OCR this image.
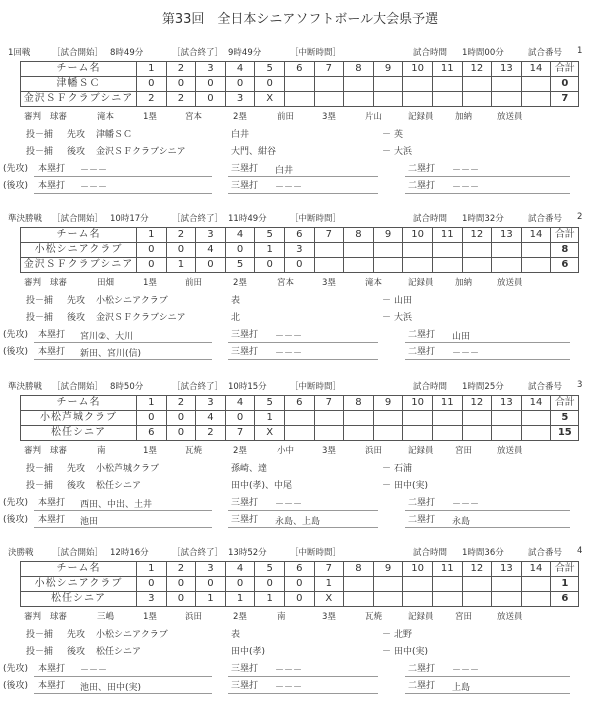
第33回　全日本シニアソフトボール大会県予選
1回戦	［試合開始］ 8時49分	［試合終了］ 9時49分	［中断時間］	試合時間 1時間00分	試合番号 1
チーム名	1	2	3	4	5	6	7	8	9	10	11	12	13	14	合計
津幡ＳＣ	0	0	0	0	0										0
金沢ＳＦクラブシニア	2	2	0	3	X										7
審判 球審	滝本	1塁	宮本	2塁	前田	3塁	片山	記録員	加納	放送員
投－捕 先攻 津幡ＳＣ	白井	－ 英
投－捕 後攻 金沢ＳＦクラブシニア	大門、紺谷	－ 大浜
(先攻) 本塁打 －－－	三塁打 白井	二塁打 －－－
(後攻) 本塁打 －－－	三塁打 －－－	二塁打 －－－
準決勝戦 ［試合開始］ 10時17分	［試合終了］ 11時49分	［中断時間］	試合時間 1時間32分	試合番号 2
チーム名	1	2	3	4	5	6	7	8	9	10	11	12	13	14	合計
小松シニアクラブ	0	0	4	0	1	3									8
金沢ＳＦクラブシニア	0	1	0	5	0	0									6
審判 球審	田畑	1塁	前田	2塁	宮本	3塁	滝本	記録員	加納	放送員
投－捕 先攻 小松シニアクラブ	表	－ 山田
投－捕 後攻 金沢ＳＦクラブシニア	北	－ 大浜
(先攻) 本塁打 宮川②、大川	三塁打 －－－	二塁打 山田
(後攻) 本塁打 新田、宮川(信)	三塁打 －－－	二塁打 －－－
準決勝戦 ［試合開始］ 8時50分	［試合終了］ 10時15分	［中断時間］	試合時間 1時間25分	試合番号 3
チーム名	1	2	3	4	5	6	7	8	9	10	11	12	13	14	合計
小松芦城クラブ	0	0	4	0	1										5
松任シニア	6	0	2	7	X										15
審判 球審	南	1塁	瓦焼	2塁	小中	3塁	浜田	記録員	宮田	放送員
投－捕 先攻 小松芦城クラブ	孫崎、達	－ 石浦
投－捕 後攻 松任シニア	田中(孝)、中尾	－ 田中(実)
(先攻) 本塁打 西田、中出、土井	三塁打 －－－	二塁打 －－－
(後攻) 本塁打 池田	三塁打 永島、上島	二塁打 永島
決勝戦 ［試合開始］ 12時16分	［試合終了］ 13時52分	［中断時間］	試合時間 1時間36分	試合番号 4
チーム名	1	2	3	4	5	6	7	8	9	10	11	12	13	14	合計
小松シニアクラブ	0	0	0	0	0	0	1								1
松任シニア	3	0	1	1	1	0	X								6
審判 球審	三嶋	1塁	浜田	2塁	南	3塁	瓦焼	記録員	宮田	放送員
投－捕 先攻 小松シニアクラブ	表	－ 北野
投－捕 後攻 松任シニア	田中(孝)	－ 田中(実)
(先攻) 本塁打 －－－	三塁打 －－－	二塁打 －－－
(後攻) 本塁打 池田、田中(実)	三塁打 －－－	二塁打 上島
